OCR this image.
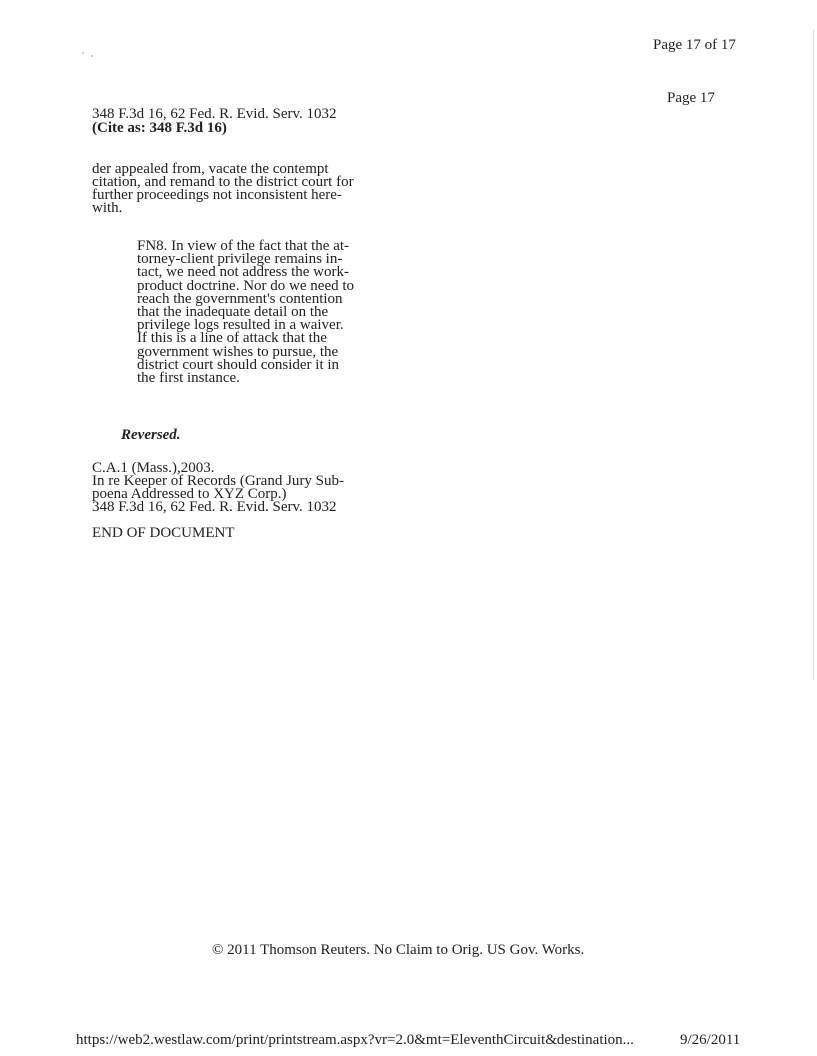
Page 17 of 17
Page 17
348 F.3d 16, 62 Fed. R. Evid. Serv. 1032
(Cite as: 348 F.3d 16)
der appealed from, vacate the contempt
citation, and remand to the district court for
further proceedings not inconsistent here-
with.
FN8. In view of the fact that the at-
torney-client privilege remains in-
tact, we need not address the work-
product doctrine. Nor do we need to
reach the government's contention
that the inadequate detail on the
privilege logs resulted in a waiver.
If this is a line of attack that the
government wishes to pursue, the
district court should consider it in
the first instance.
Reversed.
C.A.1 (Mass.),2003.
In re Keeper of Records (Grand Jury Sub-
poena Addressed to XYZ Corp.)
348 F.3d 16, 62 Fed. R. Evid. Serv. 1032
END OF DOCUMENT
© 2011 Thomson Reuters. No Claim to Orig. US Gov. Works.
https://web2.westlaw.com/print/printstream.aspx?vr=2.0&mt=EleventhCircuit&destination...	9/26/2011
